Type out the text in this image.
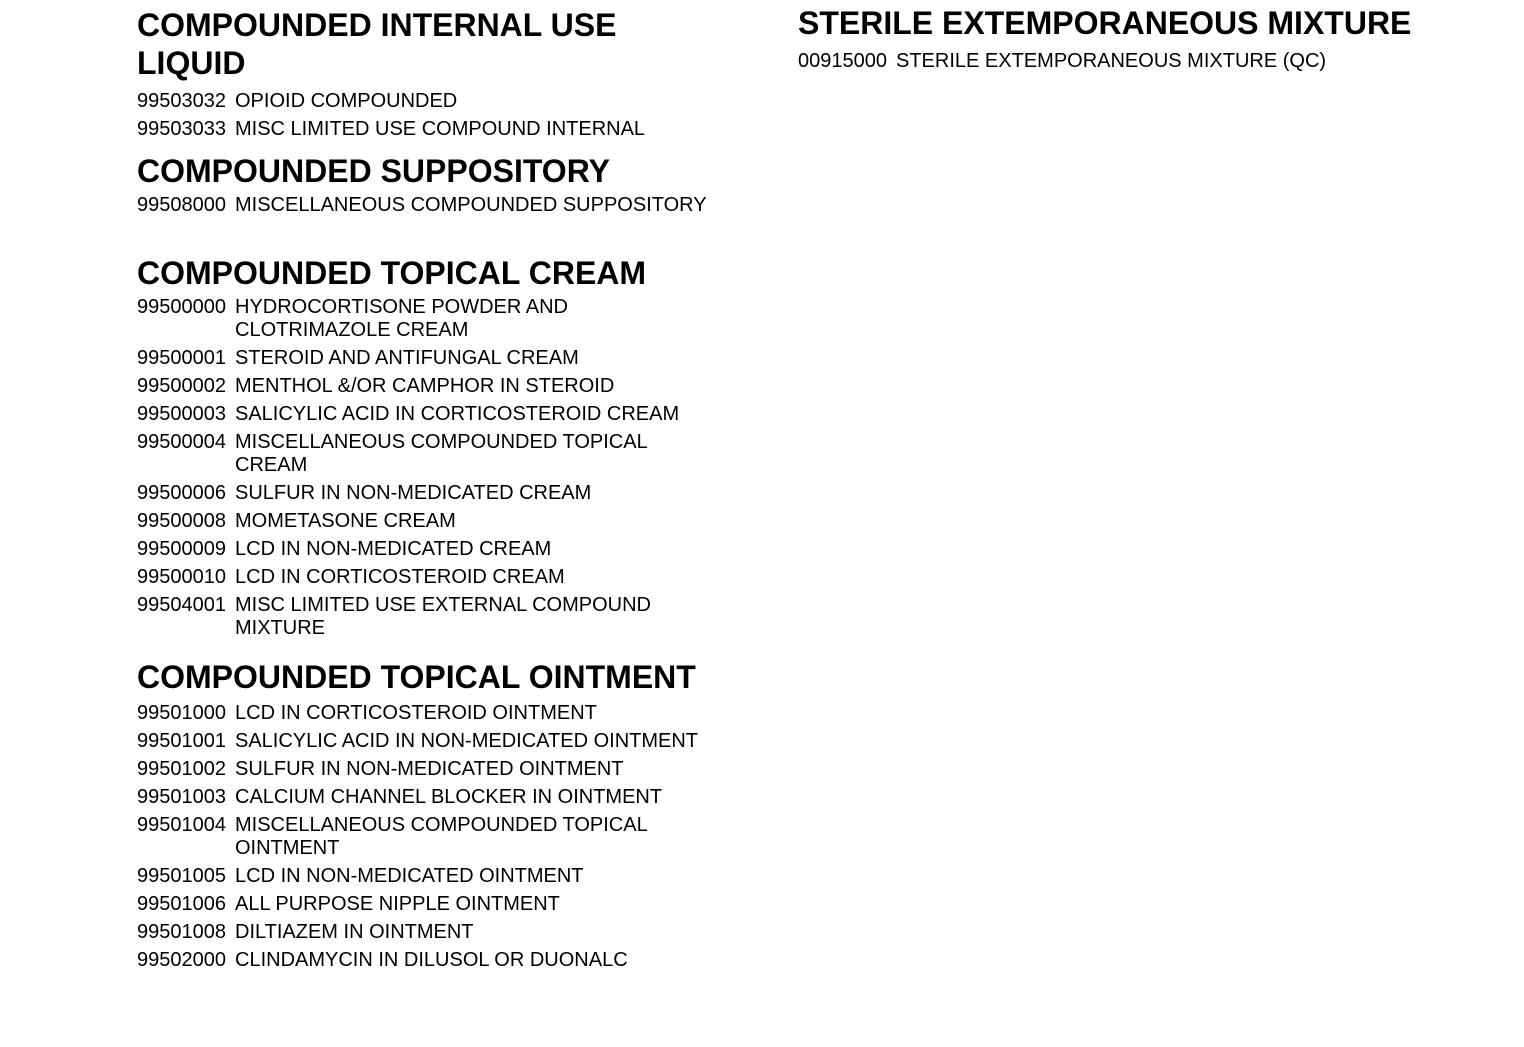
COMPOUNDED INTERNAL USE LIQUID
99503032 OPIOID COMPOUNDED
99503033 MISC LIMITED USE COMPOUND INTERNAL
COMPOUNDED SUPPOSITORY
99508000 MISCELLANEOUS COMPOUNDED SUPPOSITORY
COMPOUNDED TOPICAL CREAM
99500000 HYDROCORTISONE POWDER AND CLOTRIMAZOLE CREAM
99500001 STEROID AND ANTIFUNGAL CREAM
99500002 MENTHOL &/OR CAMPHOR IN STEROID
99500003 SALICYLIC ACID IN CORTICOSTEROID CREAM
99500004 MISCELLANEOUS COMPOUNDED TOPICAL CREAM
99500006 SULFUR IN NON-MEDICATED CREAM
99500008 MOMETASONE CREAM
99500009 LCD IN NON-MEDICATED CREAM
99500010 LCD IN CORTICOSTEROID CREAM
99504001 MISC LIMITED USE EXTERNAL COMPOUND MIXTURE
COMPOUNDED TOPICAL OINTMENT
99501000 LCD IN CORTICOSTEROID OINTMENT
99501001 SALICYLIC ACID IN NON-MEDICATED OINTMENT
99501002 SULFUR IN NON-MEDICATED OINTMENT
99501003 CALCIUM CHANNEL BLOCKER IN OINTMENT
99501004 MISCELLANEOUS COMPOUNDED TOPICAL OINTMENT
99501005 LCD IN NON-MEDICATED OINTMENT
99501006 ALL PURPOSE NIPPLE OINTMENT
99501008 DILTIAZEM IN OINTMENT
99502000 CLINDAMYCIN IN DILUSOL OR DUONALC
STERILE EXTEMPORANEOUS MIXTURE
00915000 STERILE EXTEMPORANEOUS MIXTURE (QC)
